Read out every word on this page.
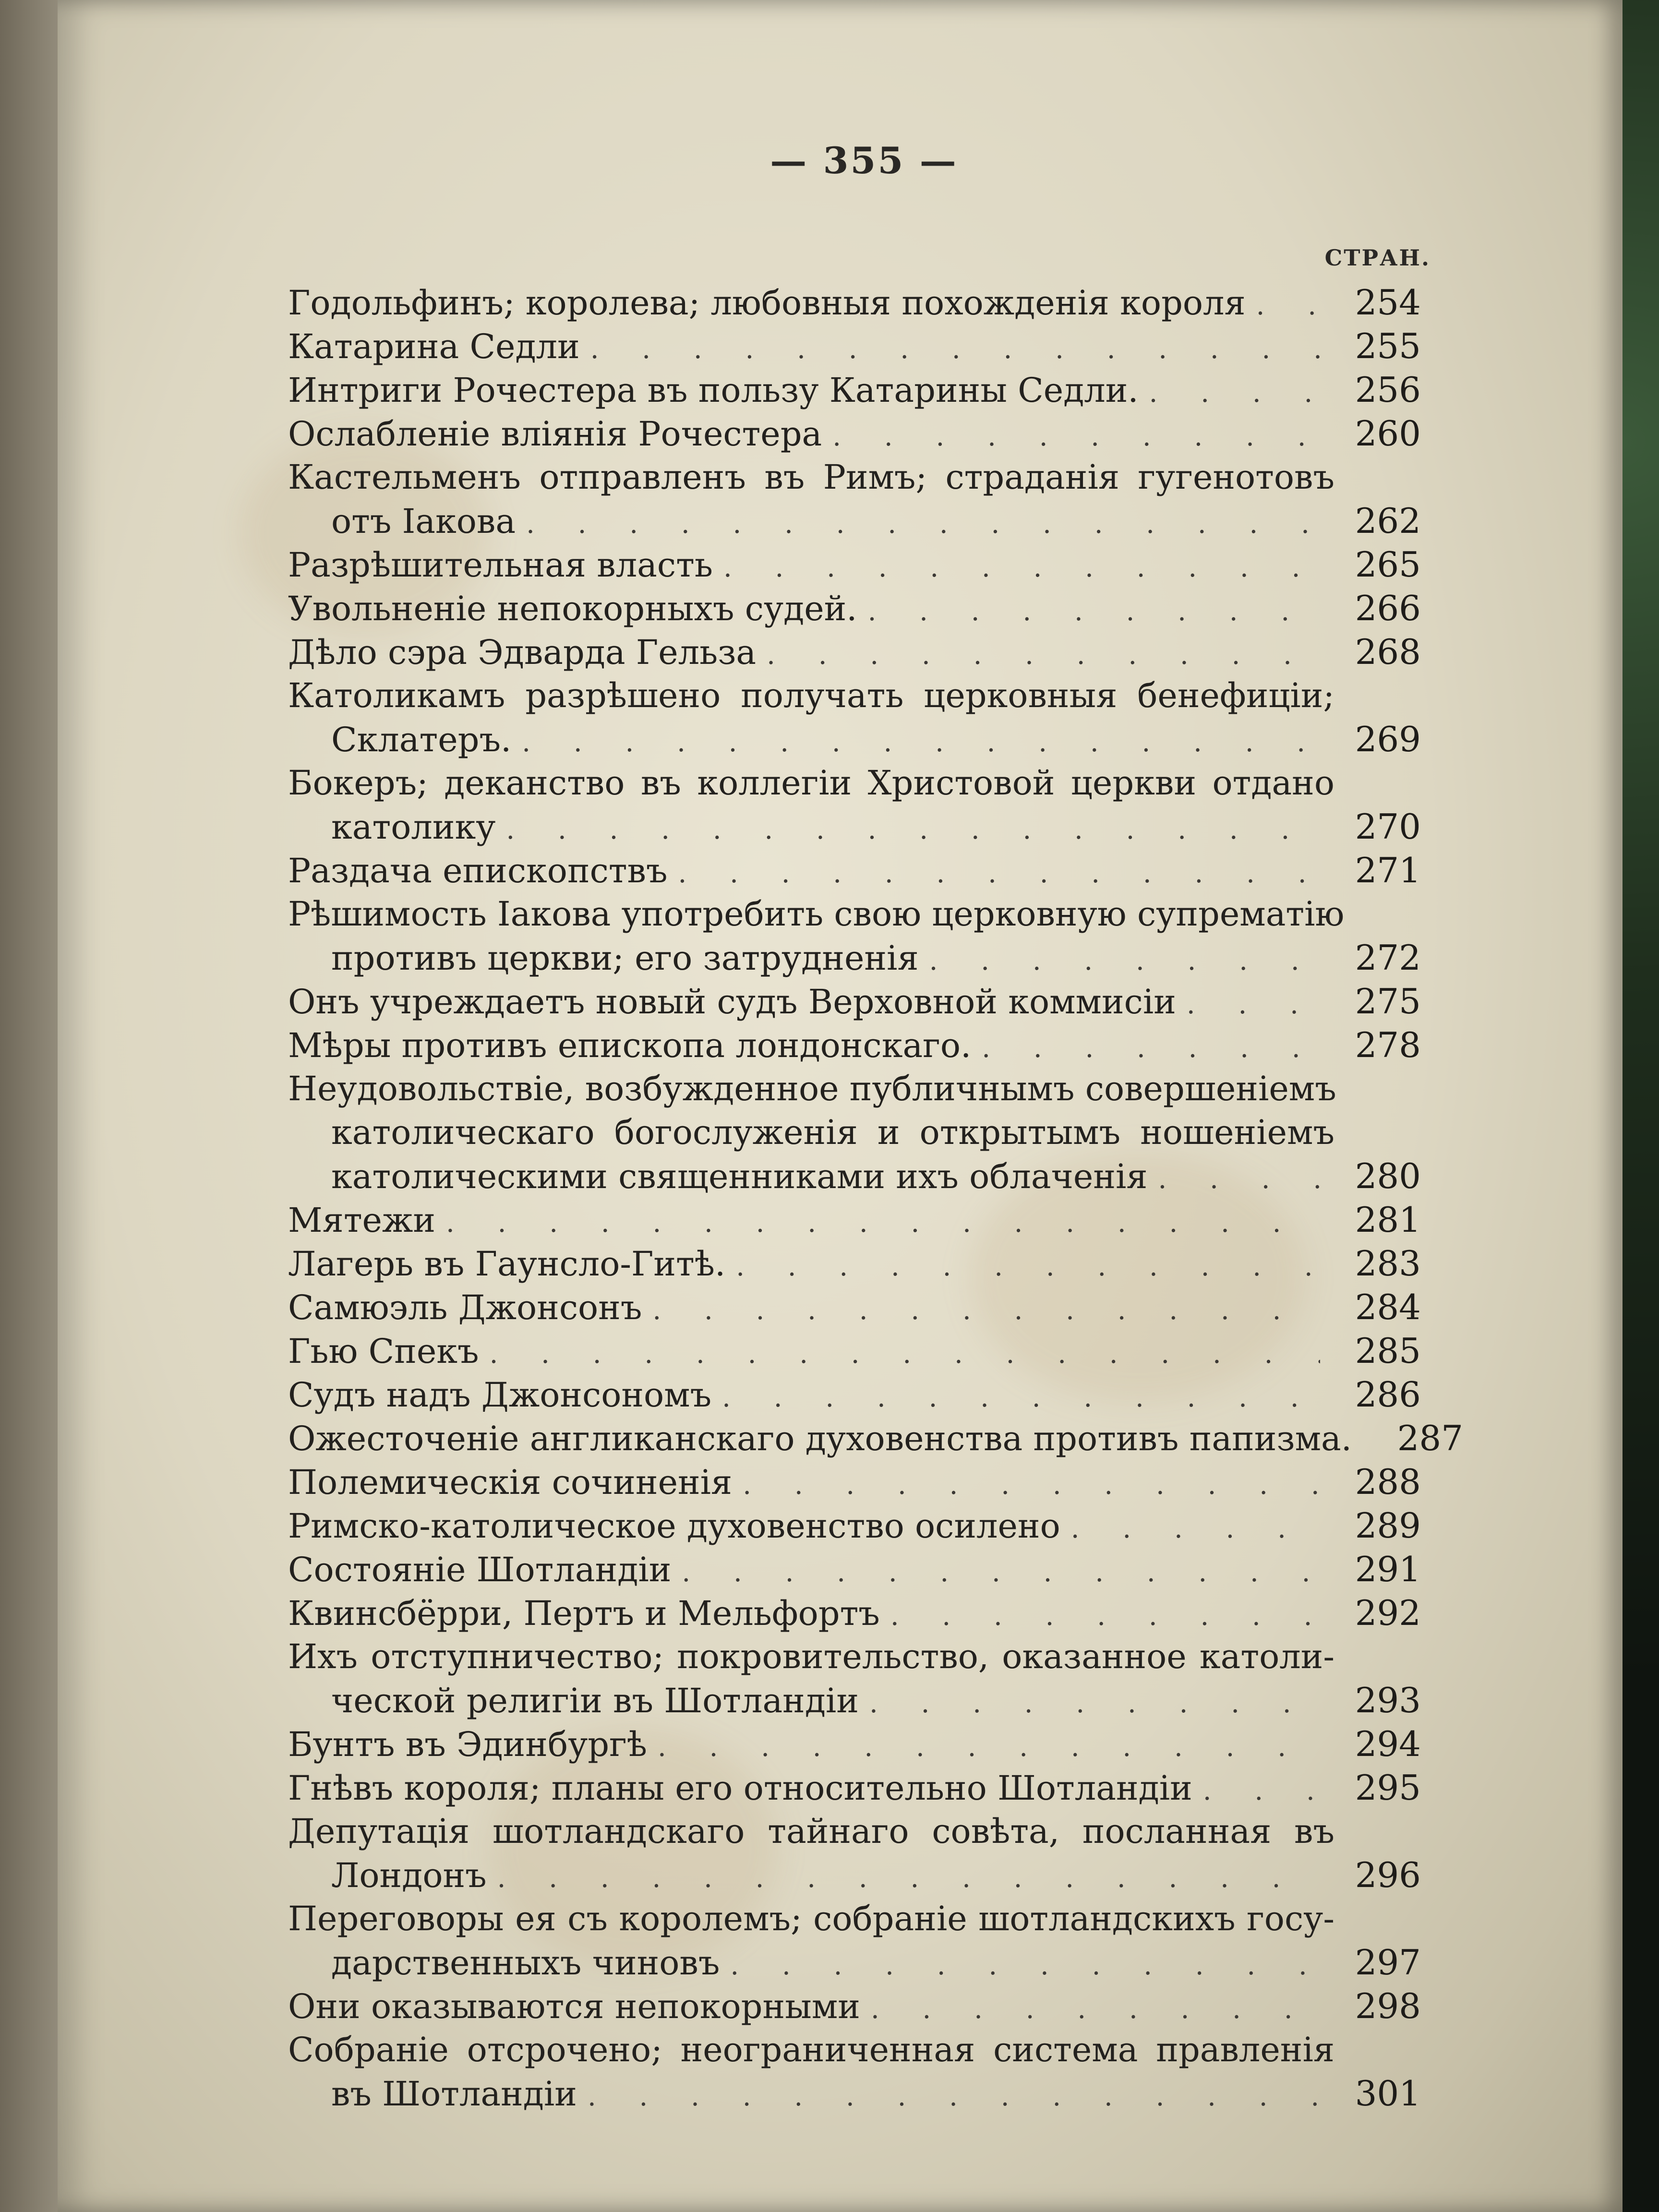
— 355 —
СТРАН.
Годольфинъ; королева; любовныя похожденія короля . . .	254
Катарина Седли . . .	255
Интриги Рочестера въ пользу Катарины Седли. . . .	256
Ослабленіе вліянія Рочестера . . .	260
Кастельменъ отправленъ въ Римъ; страданія гугенотовъ
отъ Іакова . . .	262
Разрѣшительная власть . . .	265
Увольненіе непокорныхъ судей. . . .	266
Дѣло сэра Эдварда Гельза . . .	268
Католикамъ разрѣшено получать церковныя бенефиціи;
Склатеръ. . . .	269
Бокеръ; деканство въ коллегіи Христовой церкви отдано
католику . . .	270
Раздача епископствъ . . .	271
Рѣшимость Іакова употребить свою церковную супрематію
противъ церкви; его затрудненія . . .	272
Онъ учреждаетъ новый судъ Верховной коммисіи . . .	275
Мѣры противъ епископа лондонскаго. . . .	278
Неудовольствіе, возбужденное публичнымъ совершеніемъ
католическаго богослуженія и открытымъ ношеніемъ
католическими священниками ихъ облаченія . . .	280
Мятежи . . .	281
Лагерь въ Гаунсло-Гитѣ. . . .	283
Самюэль Джонсонъ . . .	284
Гью Спекъ . . .	285
Судъ надъ Джонсономъ . . .	286
Ожесточеніе англиканскаго духовенства противъ папизма.	287
Полемическія сочиненія . . .	288
Римско-католическое духовенство осилено . . .	289
Состояніе Шотландіи . . .	291
Квинсбёрри, Пертъ и Мельфортъ . . .	292
Ихъ отступничество; покровительство, оказанное католи-
ческой религіи въ Шотландіи . . .	293
Бунтъ въ Эдинбургѣ . . .	294
Гнѣвъ короля; планы его относительно Шотландіи . . .	295
Депутація шотландскаго тайнаго совѣта, посланная въ
Лондонъ . . .	296
Переговоры ея съ королемъ; собраніе шотландскихъ госу-
дарственныхъ чиновъ . . .	297
Они оказываются непокорными . . .	298
Собраніе отсрочено; неограниченная система правленія
въ Шотландіи . . .	301
